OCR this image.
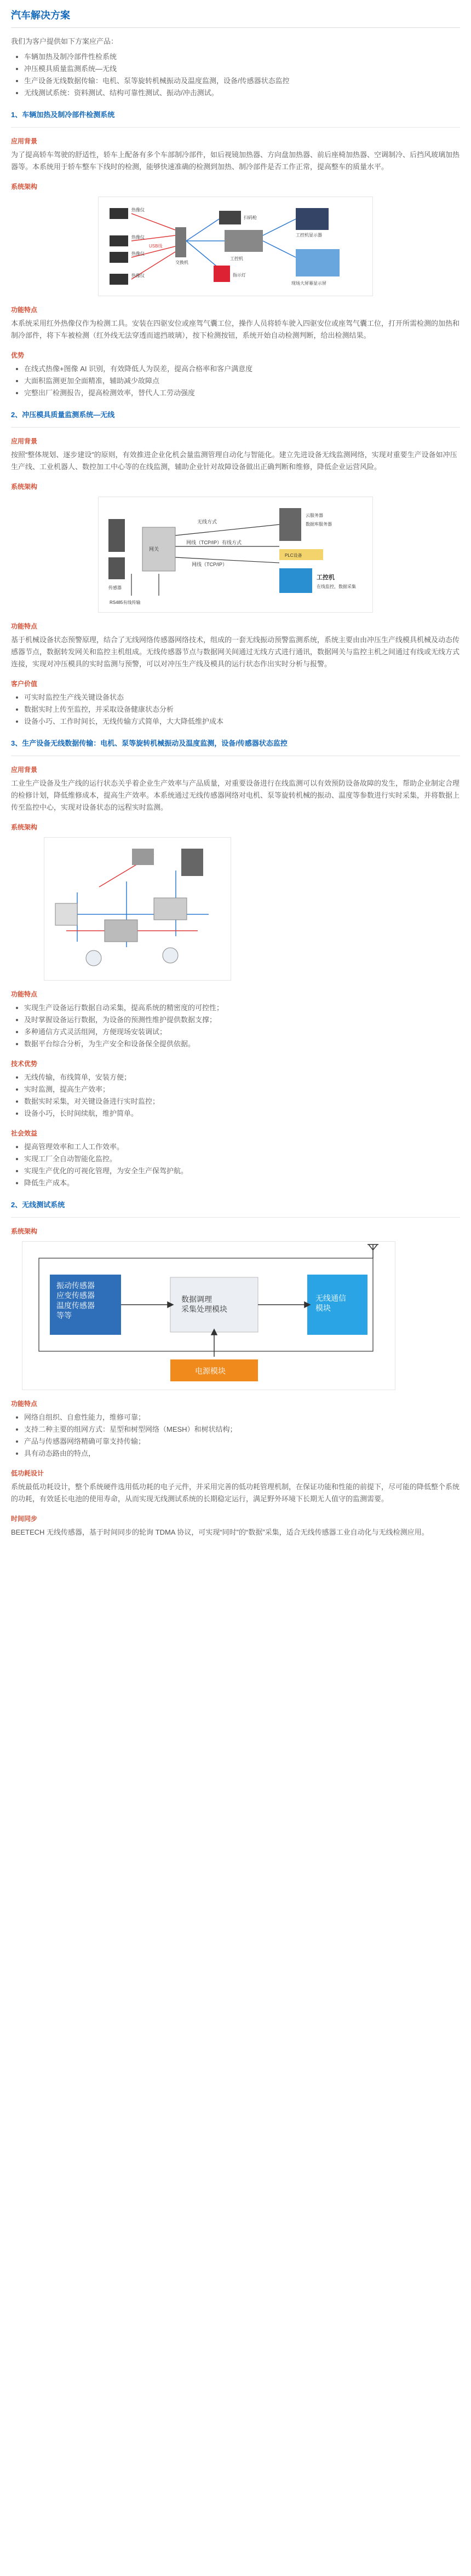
汽车解决方案

我们为客户提供如下方案应产品：

• 车辆加热及制冷部件性检系统
• 冲压模具质量监测系统—无线
• 生产设备无线数据传输：电机、泵等旋转机械振动及温度监测，设备/传感器状态监控
• 无线测试系统：资料测试、结构可靠性测试、振动/冲击测试。
1、车辆加热及制冷部件检测系统
应用背景

为了提高轿车驾驶的舒适性，轿车上配备有多个车部制冷部件，如后视镜加热器、方向盘加热器、前后座椅加热器、空调制冷、后挡风玻璃加热器等。本系统用于轿车整车下线时的检测，能够快速准确的检测到加热、制冷部件是否工作正常，提高整车的质量水平。

系统架构
热像仪
热像仪
热像仪
热像仪
USB线
交换机
扫码枪
工控机
指示灯
工控机显示器
现场大屏幕显示屏
功能特点

本系统采用红外热像仪作为检测工具。安装在四驱安位或座驾气囊工位，操作人员将轿车驶入四驱安位或座驾气囊工位，打开所需检测的加热和制冷部件，将下车被检测（红外线无法穿透而遮挡玻璃），按下检测按钮，系统开始自动检测判断，给出检测结果。

优势
• 在线式热像+图像 AI 识别，有效降低人为误差，提高合格率和客户满意度
• 大面积监测更加全面精准，辅助减少故障点
• 完整出厂检测报告，提高检测效率，替代人工劳动强度
2、冲压模具质量监测系统—无线
应用背景

按照“整体规划、逐步建设”的原则，有效推进企业化机会量监测管理自动化与智能化。建立先进设备无线监测网络，实现对重要生产设备如冲压生产线、工业机器人、数控加工中心等的在线监测，辅助企业针对故障设备做出正确判断和维修，降低企业运营风险。

系统架构
传感器
网关
无线方式
网线（TCP/IP）有线方式
网线（TCP/IP）
RS485有线传输
云服务器
数据库服务器
PLC设备
工控机
在线监控，数据采集
功能特点

基于机械设备状态预警原理，结合了无线网络传感器网络技术，组成的一套无线振动预警监测系统，系统主要由由冲压生产线模具机械及动态传感器节点，数据转发网关和监控主机组成。无线传感器节点与数据网关间通过无线方式进行通讯，数据网关与监控主机之间通过有线或无线方式连接，实现对冲压模具的实时监测与预警，可以对冲压生产线及模具的运行状态作出实时分析与报警。

客户价值
• 可实时监控生产线关键设备状态
• 数据实时上传至监控，并采取设备健康状态分析
• 设备小巧、工作时间长，无线传输方式简单，大大降低维护成本
3、生产设备无线数据传输：电机、泵等旋转机械振动及温度监测，设备/传感器状态监控
应用背景

工业生产设备及生产线的运行状态关乎着企业生产效率与产品质量，对重要设备进行在线监测可以有效预防设备故障的发生，帮助企业制定合理的检修计划，降低维修成本，提高生产效率。本系统通过无线传感器网络对电机、泵等旋转机械的振动、温度等参数进行实时采集，并将数据上传至监控中心，实现对设备状态的远程实时监测。

系统架构
功能特点
• 实现生产设备运行数据自动采集，提高系统的精密度的可控性；
• 及时掌握设备运行数据，为设备的预测性维护提供数据支撑；
• 多种通信方式灵活组网，方便现场安装调试；
• 数据平台综合分析，为生产安全和设备保全提供依据。
技术优势
• 无线传输，布线简单，安装方便；
• 实时监测，提高生产效率；
• 数据实时采集，对关键设备进行实时监控；
• 设备小巧，长时间续航，维护简单。
社会效益
• 提高管理效率和工人工作效率。
• 实现工厂全自动智能化监控。
• 实现生产优化的可视化管理，为安全生产保驾护航。
• 降低生产成本。
2、无线测试系统
系统架构
振动传感器应变传感器温度传感器等等
数据调理采集处理模块
无线通信模块
电源模块
功能特点
• 网络自组织、自愈性能力，维修可靠；
• 支持二种主要的组网方式：星型和树型网络（MESH）和树状结构；
• 产品与传感器网络精确可靠支持传输；
• 具有动态路由的特点，
低功耗设计

系统最低功耗设计，整个系统硬件选用低功耗的电子元件，并采用完善的低功耗管理机制，在保证功能和性能的前提下，尽可能的降低整个系统的功耗，有效延长电池的使用寿命，从而实现无线测试系统的长期稳定运行，满足野外环境下长期无人值守的监测需要。

时间同步

BEETECH 无线传感器，基于时间同步的轮询 TDMA 协议，可实现“同时”的“数据”采集，适合无线传感器工业自动化与无线检测应用。
